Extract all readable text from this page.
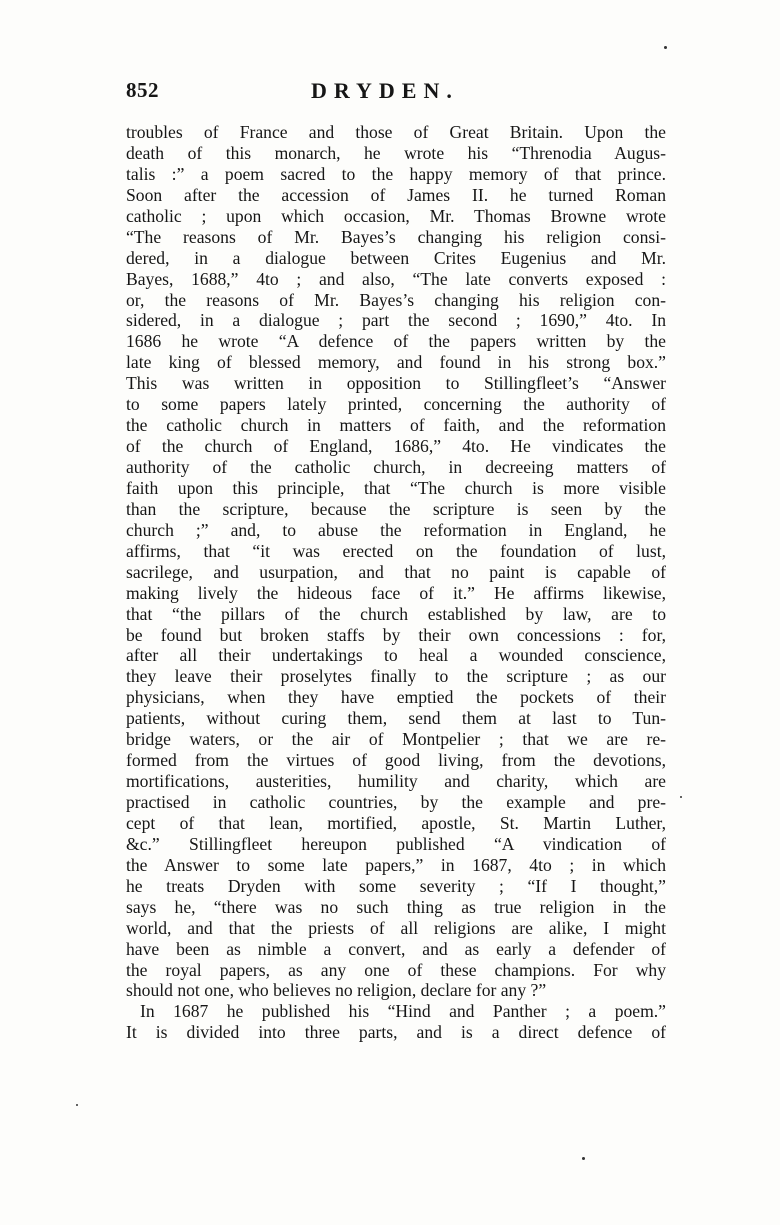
852	DRYDEN.
troubles of France and those of Great Britain. Upon the
death of this monarch, he wrote his “Threnodia Augus-
talis :” a poem sacred to the happy memory of that prince.
Soon after the accession of James II. he turned Roman
catholic ; upon which occasion, Mr. Thomas Browne wrote
“The reasons of Mr. Bayes’s changing his religion consi-
dered, in a dialogue between Crites Eugenius and Mr.
Bayes, 1688,” 4to ; and also, “The late converts exposed :
or, the reasons of Mr. Bayes’s changing his religion con-
sidered, in a dialogue ; part the second ; 1690,” 4to. In
1686 he wrote “A defence of the papers written by the
late king of blessed memory, and found in his strong box.”
This was written in opposition to Stillingfleet’s “Answer
to some papers lately printed, concerning the authority of
the catholic church in matters of faith, and the reformation
of the church of England, 1686,” 4to. He vindicates the
authority of the catholic church, in decreeing matters of
faith upon this principle, that “The church is more visible
than the scripture, because the scripture is seen by the
church ;” and, to abuse the reformation in England, he
affirms, that “it was erected on the foundation of lust,
sacrilege, and usurpation, and that no paint is capable of
making lively the hideous face of it.” He affirms likewise,
that “the pillars of the church established by law, are to
be found but broken staffs by their own concessions : for,
after all their undertakings to heal a wounded conscience,
they leave their proselytes finally to the scripture ; as our
physicians, when they have emptied the pockets of their
patients, without curing them, send them at last to Tun-
bridge waters, or the air of Montpelier ; that we are re-
formed from the virtues of good living, from the devotions,
mortifications, austerities, humility and charity, which are
practised in catholic countries, by the example and pre-
cept of that lean, mortified, apostle, St. Martin Luther,
&c.” Stillingfleet hereupon published “A vindication of
the Answer to some late papers,” in 1687, 4to ; in which
he treats Dryden with some severity ; “If I thought,”
says he, “there was no such thing as true religion in the
world, and that the priests of all religions are alike, I might
have been as nimble a convert, and as early a defender of
the royal papers, as any one of these champions. For why
should not one, who believes no religion, declare for any ?”
In 1687 he published his “Hind and Panther ; a poem.”
It is divided into three parts, and is a direct defence of
